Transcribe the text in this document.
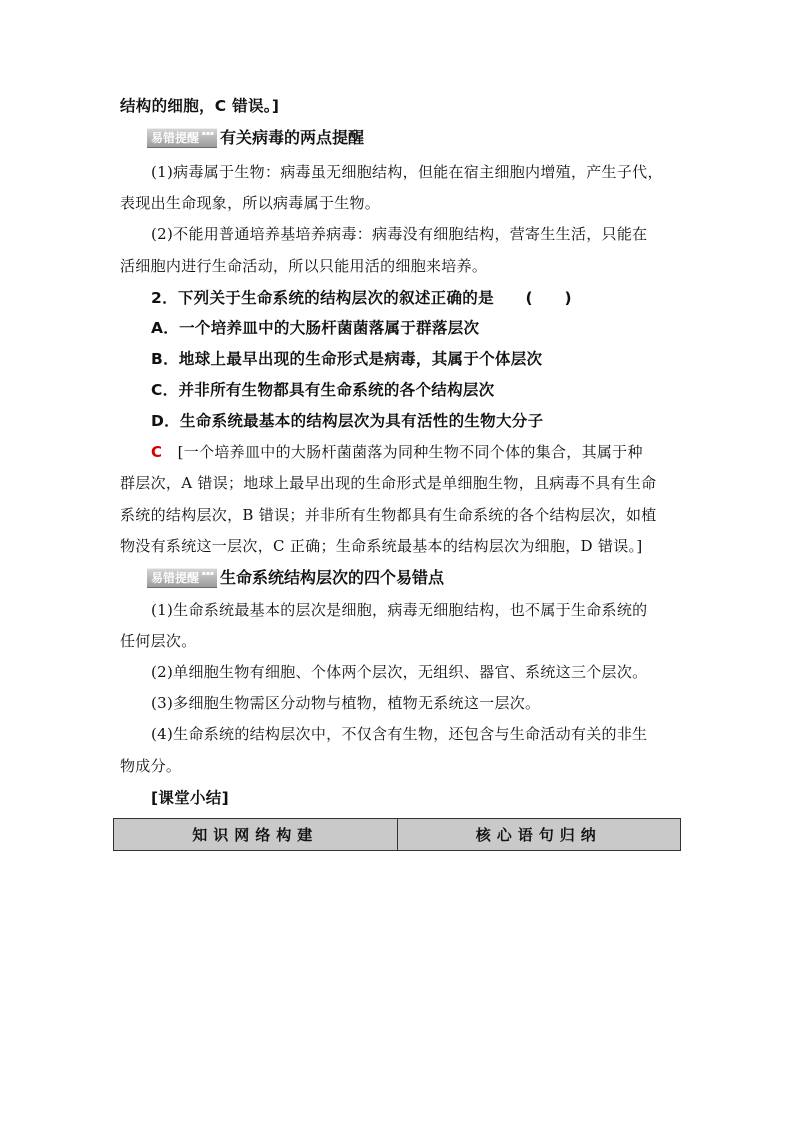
结构的细胞，C 错误。]
易错提醒 ▪▪▪ 有关病毒的两点提醒
(1)病毒属于生物：病毒虽无细胞结构，但能在宿主细胞内增殖，产生子代，
表现出生命现象，所以病毒属于生物。
(2)不能用普通培养基培养病毒：病毒没有细胞结构，营寄生生活，只能在
活细胞内进行生命活动，所以只能用活的细胞来培养。
2．下列关于生命系统的结构层次的叙述正确的是　　(　　)
A．一个培养皿中的大肠杆菌菌落属于群落层次
B．地球上最早出现的生命形式是病毒，其属于个体层次
C．并非所有生物都具有生命系统的各个结构层次
D．生命系统最基本的结构层次为具有活性的生物大分子
C　[一个培养皿中的大肠杆菌菌落为同种生物不同个体的集合，其属于种
群层次，A 错误；地球上最早出现的生命形式是单细胞生物，且病毒不具有生命
系统的结构层次，B 错误；并非所有生物都具有生命系统的各个结构层次，如植
物没有系统这一层次，C 正确；生命系统最基本的结构层次为细胞，D 错误。]
易错提醒 ▪▪▪ 生命系统结构层次的四个易错点
(1)生命系统最基本的层次是细胞，病毒无细胞结构，也不属于生命系统的
任何层次。
(2)单细胞生物有细胞、个体两个层次，无组织、器官、系统这三个层次。
(3)多细胞生物需区分动物与植物，植物无系统这一层次。
(4)生命系统的结构层次中，不仅含有生物，还包含与生命活动有关的非生
物成分。
[课堂小结]
知识网络构建	核心语句归纳
